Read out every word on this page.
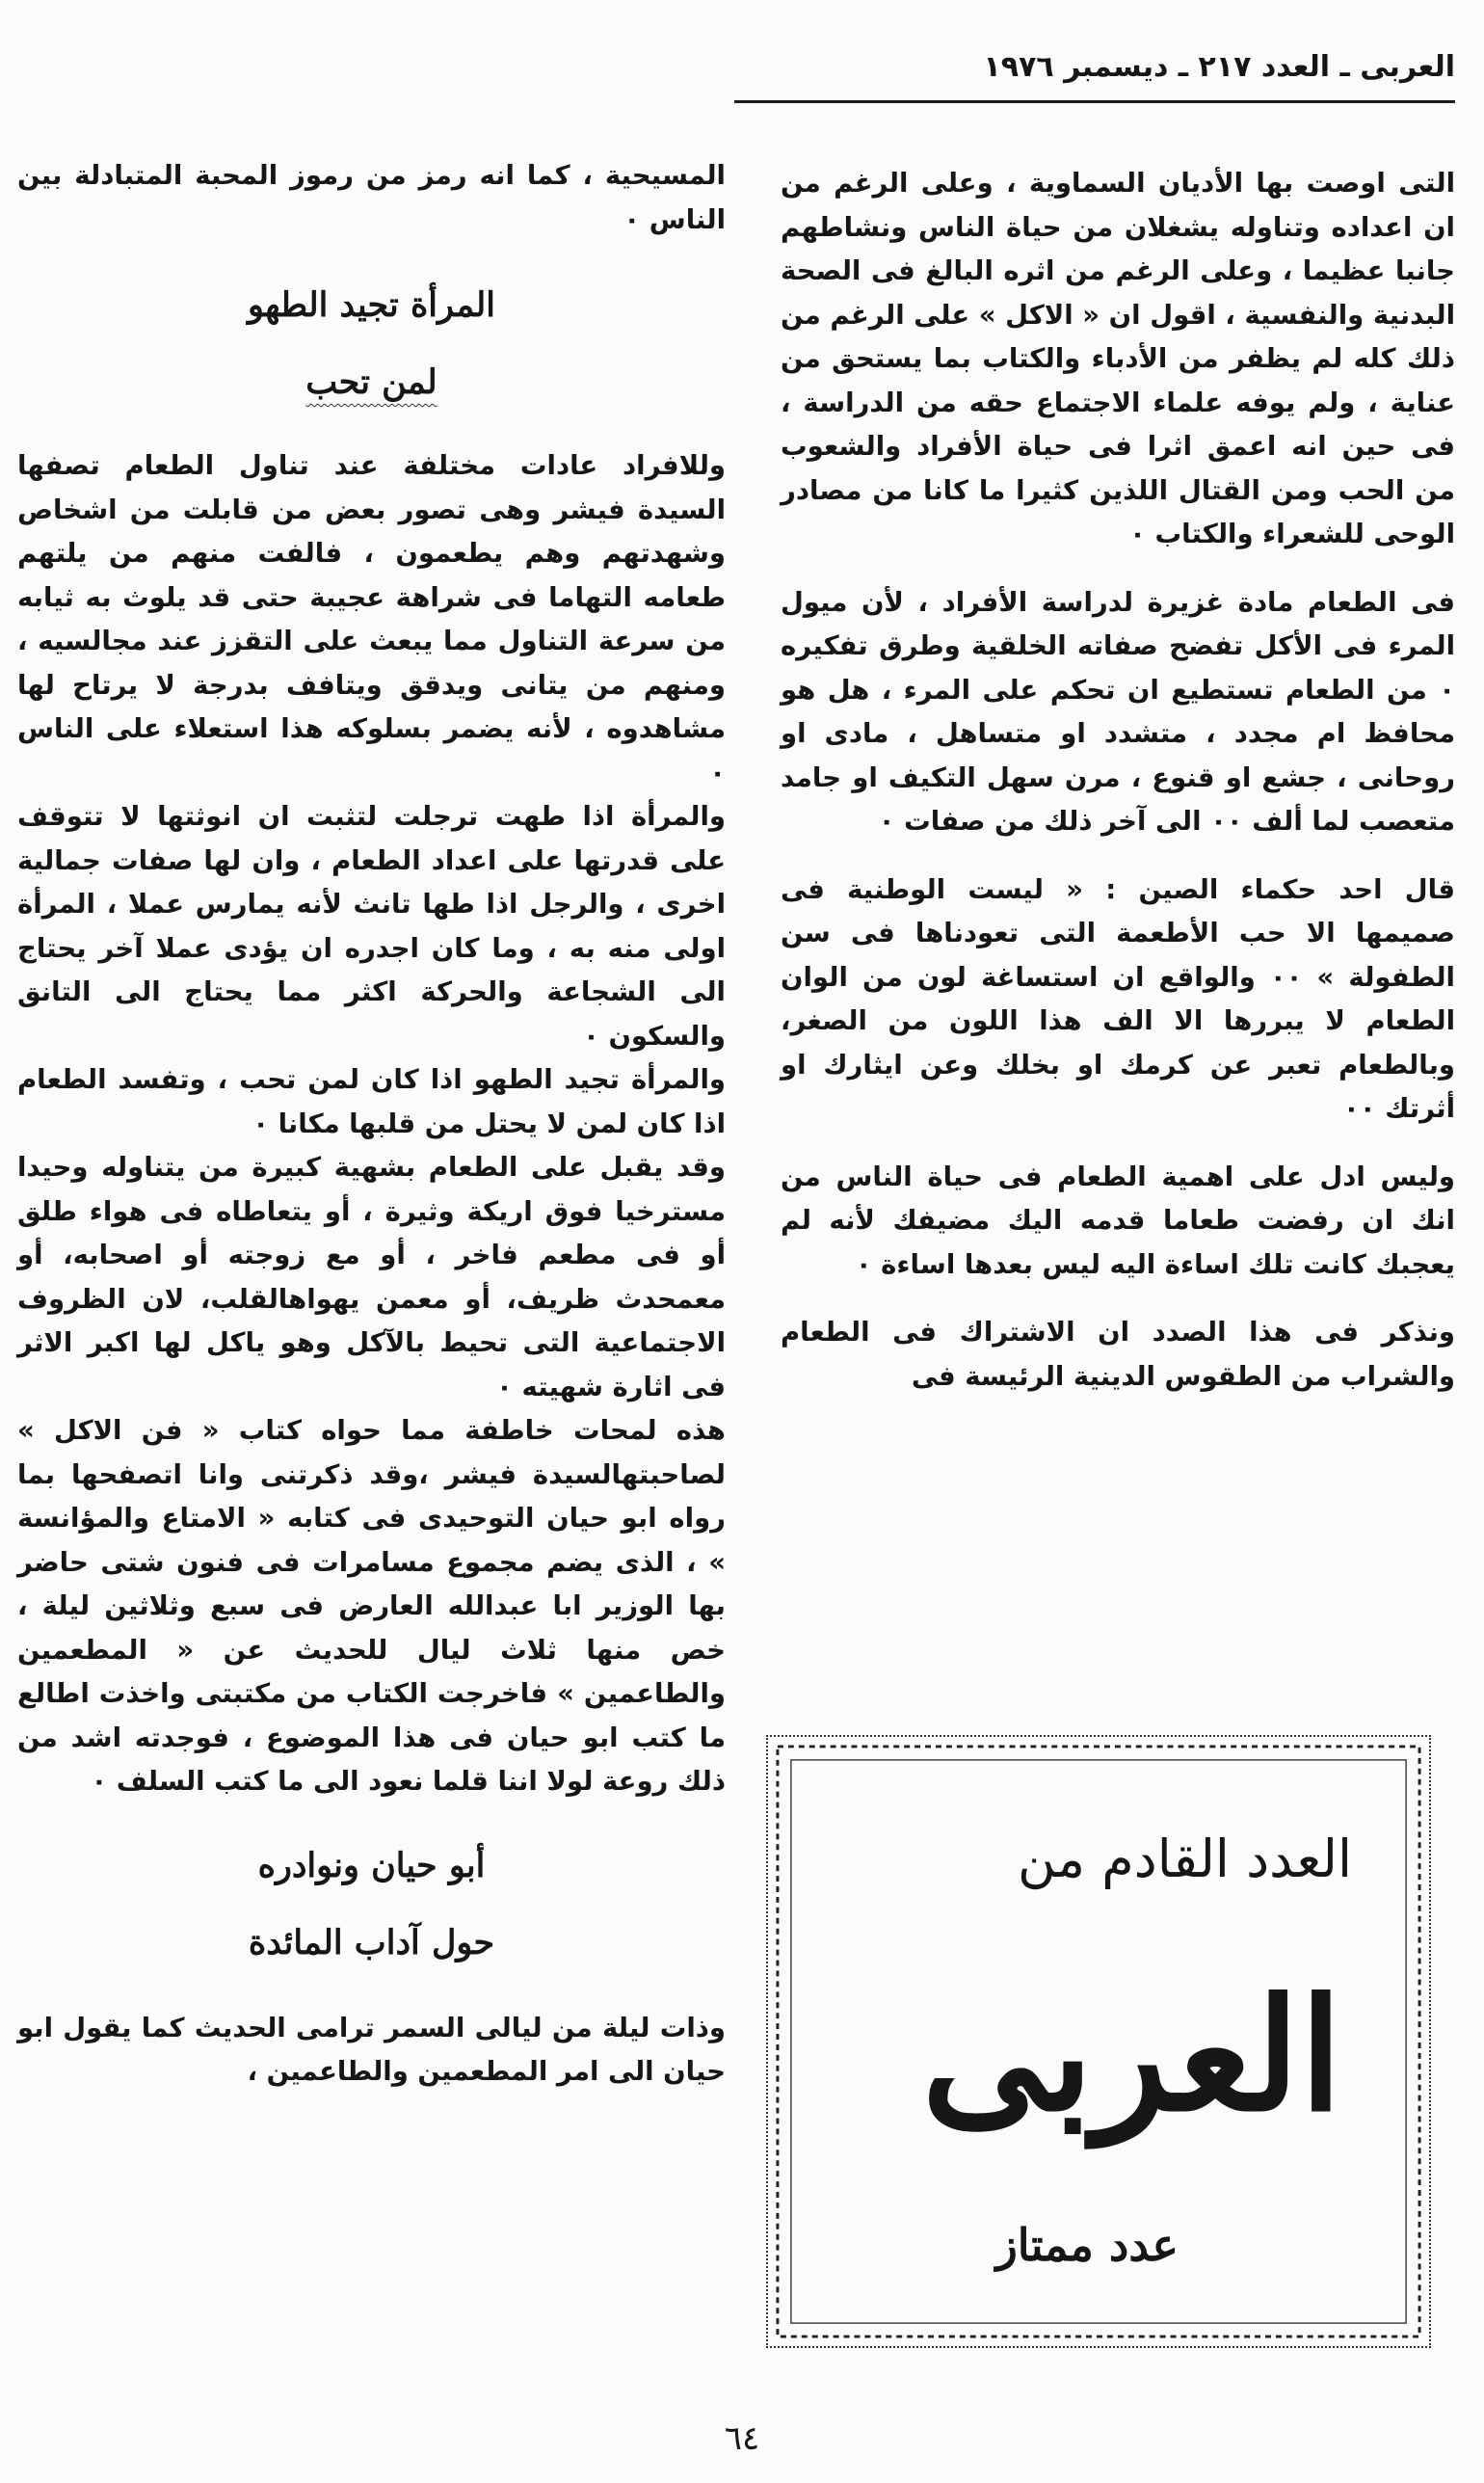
العربى ـ العدد ٢١٧ ـ ديسمبر ١٩٧٦

التى اوصت بها الأديان السماوية ، وعلى الرغم من ان اعداده وتناوله يشغلان من حياة الناس ونشاطهم جانبا عظيما ، وعلى الرغم من اثره البالغ فى الصحة البدنية والنفسية ، اقول ان « الاكل » على الرغم من ذلك كله لم يظفر من الأدباء والكتاب بما يستحق من عناية ، ولم يوفه علماء الاجتماع حقه من الدراسة ، فى حين انه اعمق اثرا فى حياة الأفراد والشعوب من الحب ومن القتال اللذين كثيرا ما كانا من مصادر الوحى للشعراء والكتاب ٠

فى الطعام مادة غزيرة لدراسة الأفراد ، لأن ميول المرء فى الأكل تفضح صفاته الخلقية وطرق تفكيره ٠ من الطعام تستطيع ان تحكم على المرء ، هل هو محافظ ام مجدد ، متشدد او متساهل ، مادى او روحانى ، جشع او قنوع ، مرن سهل التكيف او جامد متعصب لما ألف ٠٠ الى آخر ذلك من صفات ٠

قال احد حكماء الصين : « ليست الوطنية فى صميمها الا حب الأطعمة التى تعودناها فى سن الطفولة » ٠٠ والواقع ان استساغة لون من الوان الطعام لا يبررها الا الف هذا اللون من الصغر، وبالطعام تعبر عن كرمك او بخلك وعن ايثارك او أثرتك ٠٠

وليس ادل على اهمية الطعام فى حياة الناس من انك ان رفضت طعاما قدمه اليك مضيفك لأنه لم يعجبك كانت تلك اساءة اليه ليس بعدها اساءة ٠

ونذكر فى هذا الصدد ان الاشتراك فى الطعام والشراب من الطقوس الدينية الرئيسة فى

المسيحية ، كما انه رمز من رموز المحبة المتبادلة بين الناس ٠

المرأة تجيد الطهو
لمن تحب

وللافراد عادات مختلفة عند تناول الطعام تصفها السيدة فيشر وهى تصور بعض من قابلت من اشخاص وشهدتهم وهم يطعمون ، فالفت منهم من يلتهم طعامه التهاما فى شراهة عجيبة حتى قد يلوث به ثيابه من سرعة التناول مما يبعث على التقزز عند مجالسيه ، ومنهم من يتانى ويدقق ويتافف بدرجة لا يرتاح لها مشاهدوه ، لأنه يضمر بسلوكه هذا استعلاء على الناس ٠

والمرأة اذا طهت ترجلت لتثبت ان انوثتها لا تتوقف على قدرتها على اعداد الطعام ، وان لها صفات جمالية اخرى ، والرجل اذا طها تانث لأنه يمارس عملا ، المرأة اولى منه به ، وما كان اجدره ان يؤدى عملا آخر يحتاج الى الشجاعة والحركة اكثر مما يحتاج الى التانق والسكون ٠

والمرأة تجيد الطهو اذا كان لمن تحب ، وتفسد الطعام اذا كان لمن لا يحتل من قلبها مكانا ٠

وقد يقبل على الطعام بشهية كبيرة من يتناوله وحيدا مسترخيا فوق اريكة وثيرة ، أو يتعاطاه فى هواء طلق أو فى مطعم فاخر ، أو مع زوجته أو اصحابه، أو معمحدث ظريف، أو معمن يهواهالقلب، لان الظروف الاجتماعية التى تحيط بالآكل وهو ياكل لها اكبر الاثر فى اثارة شهيته ٠

هذه لمحات خاطفة مما حواه كتاب « فن الاكل » لصاحبتهالسيدة فيشر ،وقد ذكرتنى وانا اتصفحها بما رواه ابو حيان التوحيدى فى كتابه « الامتاع والمؤانسة » ، الذى يضم مجموع مسامرات فى فنون شتى حاضر بها الوزير ابا عبدالله العارض فى سبع وثلاثين ليلة ، خص منها ثلاث ليال للحديث عن « المطعمين والطاعمين » فاخرجت الكتاب من مكتبتى واخذت اطالع ما كتب ابو حيان فى هذا الموضوع ، فوجدته اشد من ذلك روعة لولا اننا قلما نعود الى ما كتب السلف ٠

أبو حيان ونوادره
حول آداب المائدة

وذات ليلة من ليالى السمر ترامى الحديث كما يقول ابو حيان الى امر المطعمين والطاعمين ،

العدد القادم من
العربى
عدد ممتاز
٦٤
